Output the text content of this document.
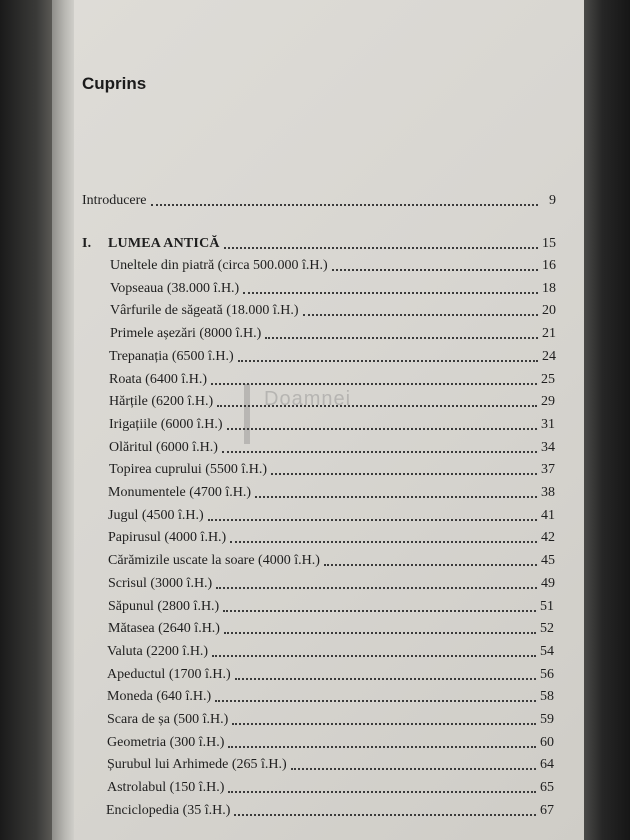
Cuprins
Doamnei
Introducere	9
I. LUMEA ANTICĂ	15
Uneltele din piatră (circa 500.000 î.H.)	16
Vopseaua (38.000 î.H.)	18
Vârfurile de săgeată (18.000 î.H.)	20
Primele așezări (8000 î.H.)	21
Trepanația (6500 î.H.)	24
Roata (6400 î.H.)	25
Hărțile (6200 î.H.)	29
Irigațiile (6000 î.H.)	31
Olăritul (6000 î.H.)	34
Topirea cuprului (5500 î.H.)	37
Monumentele (4700 î.H.)	38
Jugul (4500 î.H.)	41
Papirusul (4000 î.H.)	42
Cărămizile uscate la soare (4000 î.H.)	45
Scrisul (3000 î.H.)	49
Săpunul (2800 î.H.)	51
Mătasea (2640 î.H.)	52
Valuta (2200 î.H.)	54
Apeductul (1700 î.H.)	56
Moneda (640 î.H.)	58
Scara de șa (500 î.H.)	59
Geometria (300 î.H.)	60
Șurubul lui Arhimede (265 î.H.)	64
Astrolabul (150 î.H.)	65
Enciclopedia (35 î.H.)	67
